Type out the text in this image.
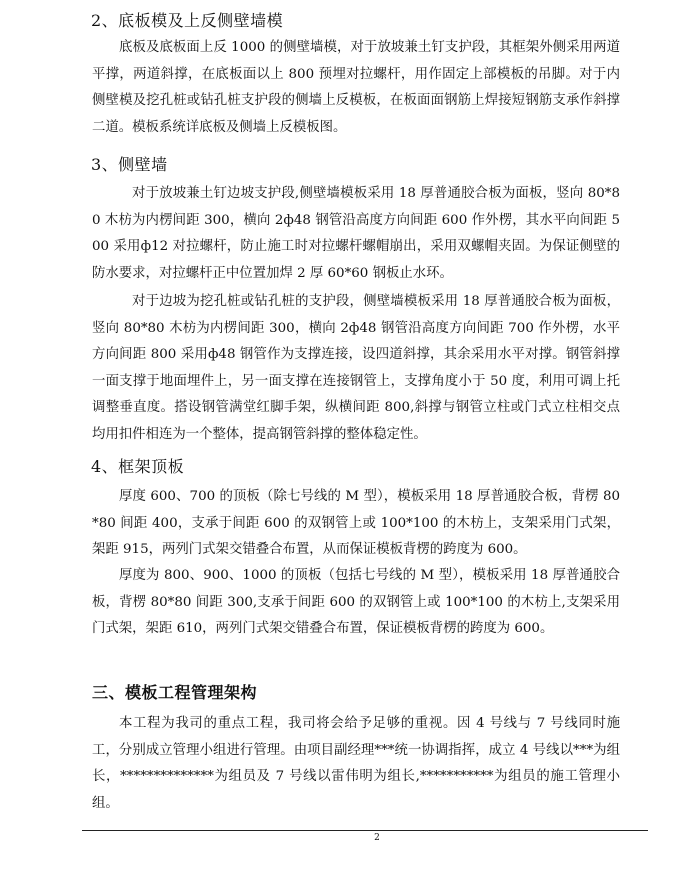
2、底板模及上反侧壁墙模

底板及底板面上反 1000 的侧壁墙模，对于放坡兼土钉支护段，其框架外侧采用两道平撑，两道斜撑，在底板面以上 800 预埋对拉螺杆，用作固定上部模板的吊脚。对于内侧壁模及挖孔桩或钻孔桩支护段的侧墙上反模板，在板面面钢筋上焊接短钢筋支承作斜撑二道。模板系统详底板及侧墙上反模板图。

3、侧壁墙

对于放坡兼土钉边坡支护段,侧壁墙模板采用 18 厚普通胶合板为面板，竖向 80*80 木枋为内楞间距 300，横向 2ф48 钢管沿高度方向间距 600 作外楞，其水平向间距 500 采用ф12 对拉螺杆，防止施工时对拉螺杆螺帽崩出，采用双螺帽夹固。为保证侧壁的防水要求，对拉螺杆正中位置加焊 2 厚 60*60 钢板止水环。

对于边坡为挖孔桩或钻孔桩的支护段，侧壁墙模板采用 18 厚普通胶合板为面板，竖向 80*80 木枋为内楞间距 300，横向 2ф48 钢管沿高度方向间距 700 作外楞，水平方向间距 800 采用ф48 钢管作为支撑连接，设四道斜撑，其余采用水平对撑。钢管斜撑一面支撑于地面埋件上，另一面支撑在连接钢管上，支撑角度小于 50 度，利用可调上托调整垂直度。搭设钢管满堂红脚手架，纵横间距 800,斜撑与钢管立柱或门式立柱相交点均用扣件相连为一个整体，提高钢管斜撑的整体稳定性。

4、框架顶板

厚度 600、700 的顶板（除七号线的 M 型），模板采用 18 厚普通胶合板，背楞 80*80 间距 400，支承于间距 600 的双钢管上或 100*100 的木枋上，支架采用门式架，架距 915，两列门式架交错叠合布置，从而保证模板背楞的跨度为 600。

厚度为 800、900、1000 的顶板（包括七号线的 M 型），模板采用 18 厚普通胶合板，背楞 80*80 间距 300,支承于间距 600 的双钢管上或 100*100 的木枋上,支架采用门式架，架距 610，两列门式架交错叠合布置，保证模板背楞的跨度为 600。

三、模板工程管理架构

本工程为我司的重点工程，我司将会给予足够的重视。因 4 号线与 7 号线同时施工，分别成立管理小组进行管理。由项目副经理***统一协调指挥，成立 4 号线以***为组长，**************为组员及 7 号线以雷伟明为组长,***********为组员的施工管理小组。

2
